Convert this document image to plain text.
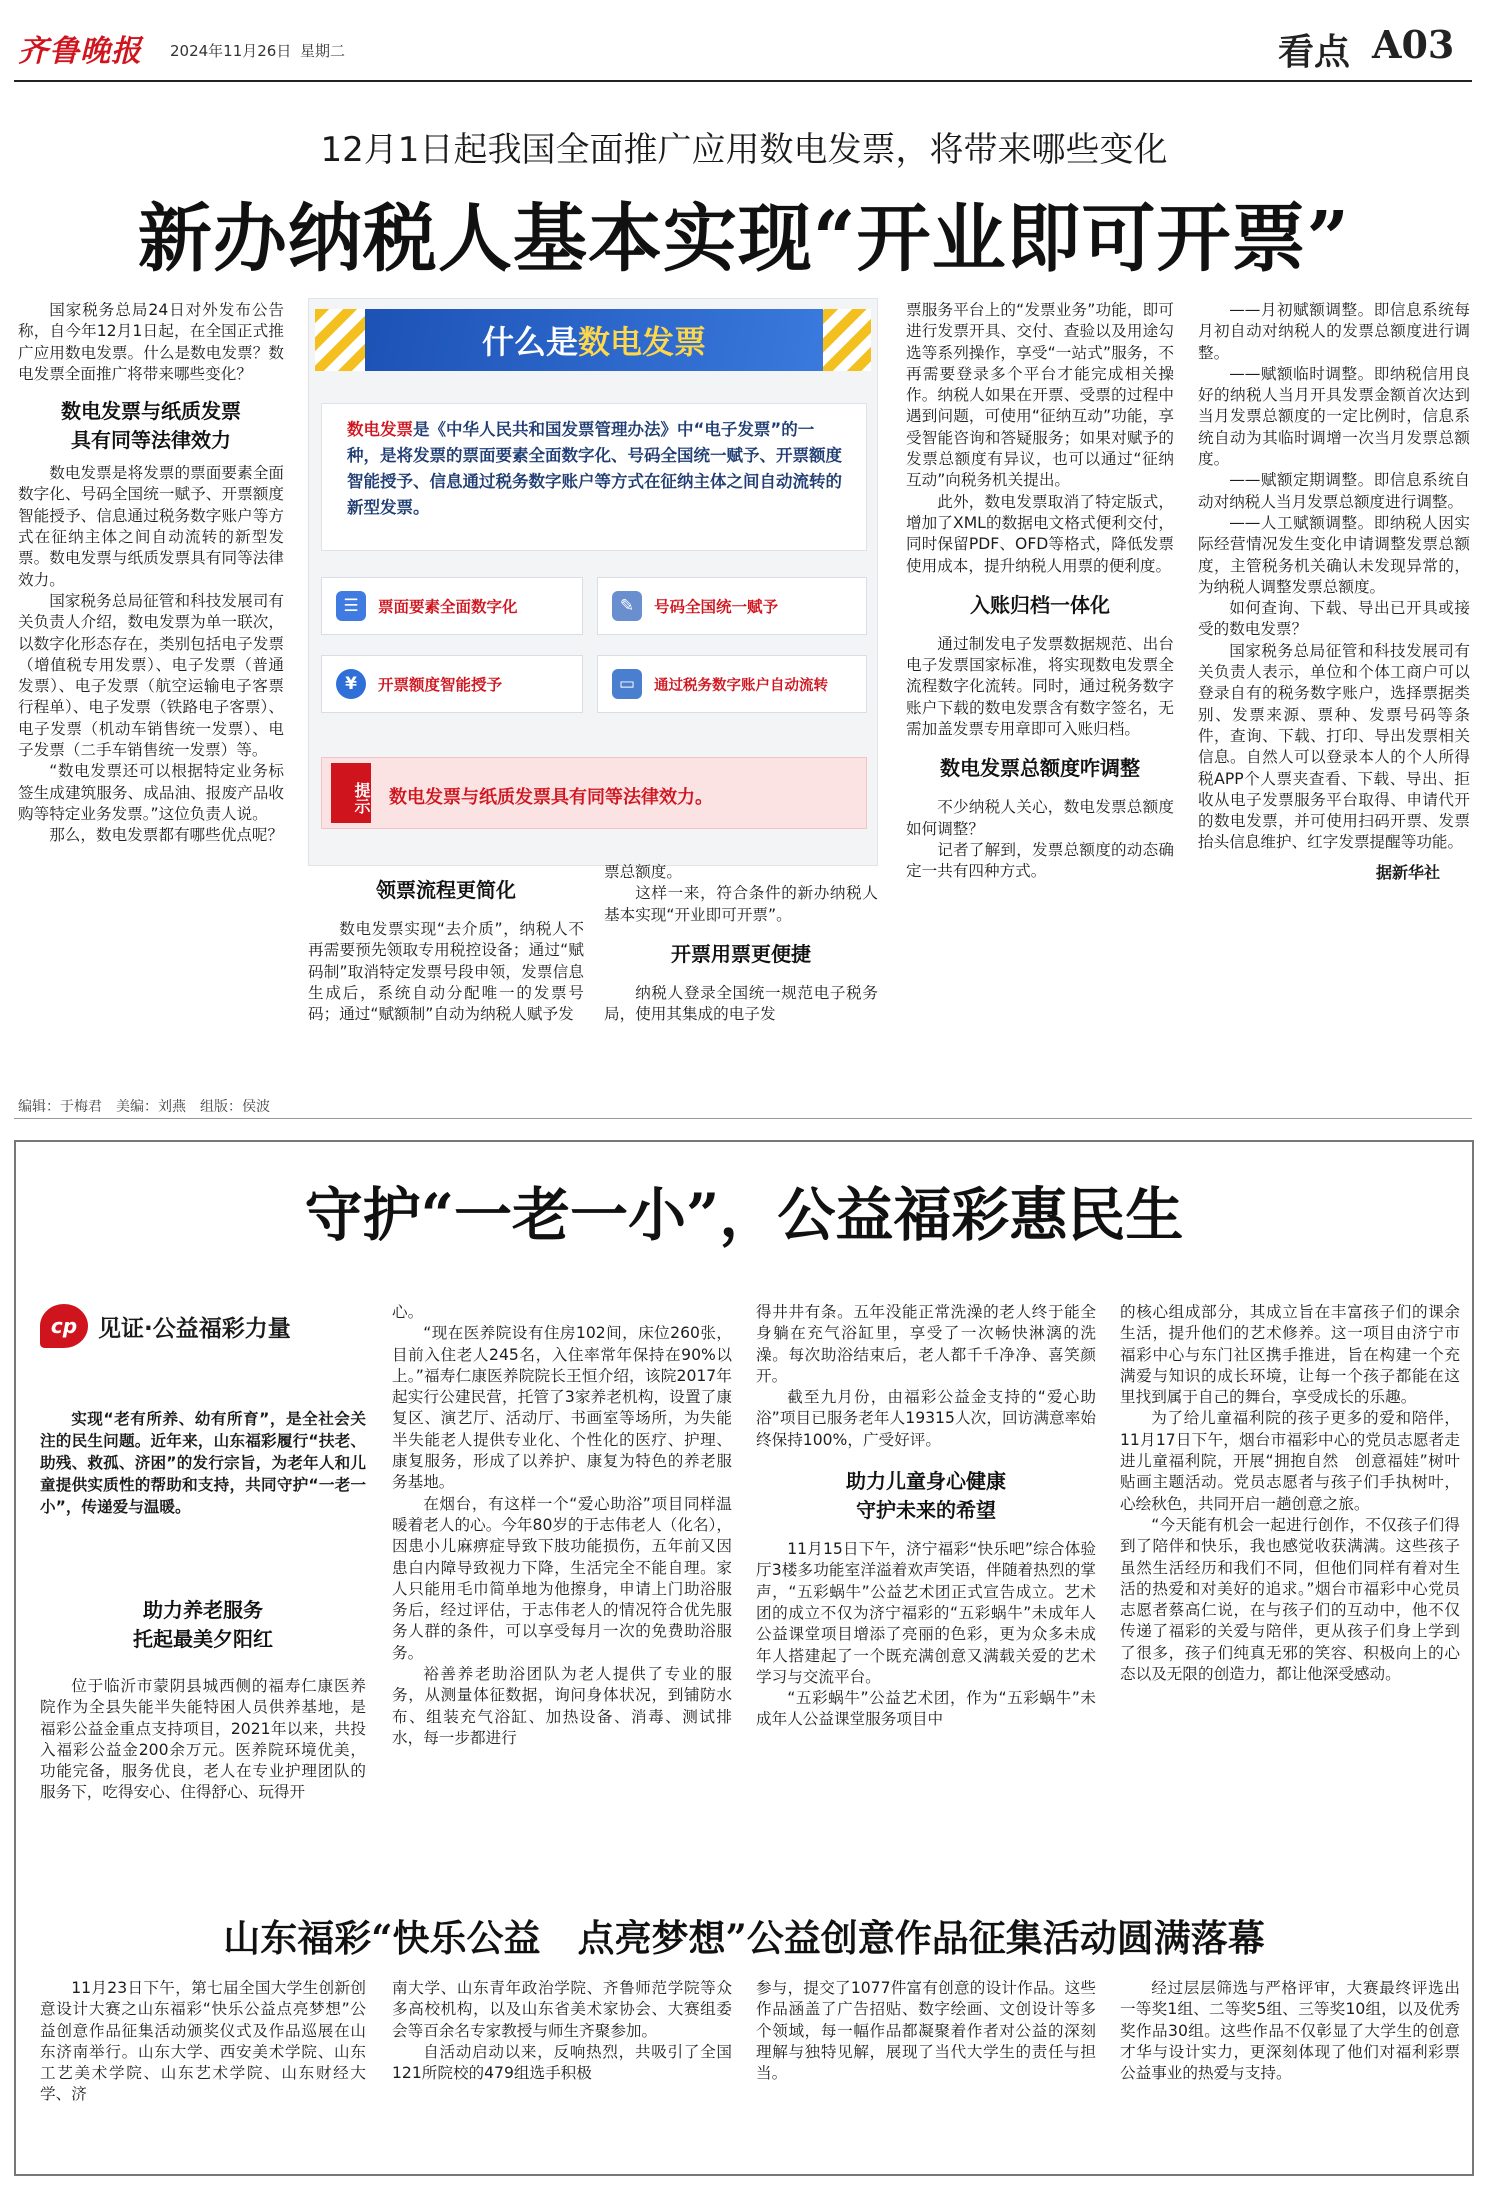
齐鲁晚报 2024年11月26日 星期二	看点 A03
12月1日起我国全面推广应用数电发票，将带来哪些变化
新办纳税人基本实现“开业即可开票”

国家税务总局24日对外发布公告称，自今年12月1日起，在全国正式推广应用数电发票。什么是数电发票？数电发票全面推广将带来哪些变化？

数电发票与纸质发票
具有同等法律效力

数电发票是将发票的票面要素全面数字化、号码全国统一赋予、开票额度智能授予、信息通过税务数字账户等方式在征纳主体之间自动流转的新型发票。数电发票与纸质发票具有同等法律效力。

国家税务总局征管和科技发展司有关负责人介绍，数电发票为单一联次，以数字化形态存在，类别包括电子发票（增值税专用发票）、电子发票（普通发票）、电子发票（航空运输电子客票行程单）、电子发票（铁路电子客票）、电子发票（机动车销售统一发票）、电子发票（二手车销售统一发票）等。

“数电发票还可以根据特定业务标签生成建筑服务、成品油、报废产品收购等特定业务发票。”这位负责人说。

那么，数电发票都有哪些优点呢？

什么是 数电发票
数电发票是《中华人民共和国发票管理办法》中“电子发票”的一种，是将发票的票面要素全面数字化、号码全国统一赋予、开票额度智能授予、信息通过税务数字账户等方式在征纳主体之间自动流转的新型发票。
☰	票面要素全面数字化	✎	号码全国统一赋予
¥	开票额度智能授予	▭	通过税务数字账户自动流转
提示 数电发票与纸质发票具有同等法律效力。
领票流程更简化

数电发票实现“去介质”，纳税人不再需要预先领取专用税控设备；通过“赋码制”取消特定发票号段申领，发票信息生成后，系统自动分配唯一的发票号码；通过“赋额制”自动为纳税人赋予发

票总额度。

这样一来，符合条件的新办纳税人基本实现“开业即可开票”。

开票用票更便捷

纳税人登录全国统一规范电子税务局，使用其集成的电子发

票服务平台上的“发票业务”功能，即可进行发票开具、交付、查验以及用途勾选等系列操作，享受“一站式”服务，不再需要登录多个平台才能完成相关操作。纳税人如果在开票、受票的过程中遇到问题，可使用“征纳互动”功能，享受智能咨询和答疑服务；如果对赋予的发票总额度有异议，也可以通过“征纳互动”向税务机关提出。

此外，数电发票取消了特定版式，增加了XML的数据电文格式便利交付，同时保留PDF、OFD等格式，降低发票使用成本，提升纳税人用票的便利度。

入账归档一体化

通过制发电子发票数据规范、出台电子发票国家标准，将实现数电发票全流程数字化流转。同时，通过税务数字账户下载的数电发票含有数字签名，无需加盖发票专用章即可入账归档。

数电发票总额度咋调整

不少纳税人关心，数电发票总额度如何调整？

记者了解到，发票总额度的动态确定一共有四种方式。

——月初赋额调整。即信息系统每月初自动对纳税人的发票总额度进行调整。

——赋额临时调整。即纳税信用良好的纳税人当月开具发票金额首次达到当月发票总额度的一定比例时，信息系统自动为其临时调增一次当月发票总额度。

——赋额定期调整。即信息系统自动对纳税人当月发票总额度进行调整。

——人工赋额调整。即纳税人因实际经营情况发生变化申请调整发票总额度，主管税务机关确认未发现异常的，为纳税人调整发票总额度。

如何查询、下载、导出已开具或接受的数电发票？

国家税务总局征管和科技发展司有关负责人表示，单位和个体工商户可以登录自有的税务数字账户，选择票据类别、发票来源、票种、发票号码等条件，查询、下载、打印、导出发票相关信息。自然人可以登录本人的个人所得税APP个人票夹查看、下载、导出、拒收从电子发票服务平台取得、申请代开的数电发票，并可使用扫码开票、发票抬头信息维护、红字发票提醒等功能。

据新华社
编辑：于梅君　美编：刘燕　组版：侯波
守护“一老一小”，公益福彩惠民生
cp 见证·公益福彩力量
实现“老有所养、幼有所育”，是全社会关注的民生问题。近年来，山东福彩履行“扶老、助残、救孤、济困”的发行宗旨，为老年人和儿童提供实质性的帮助和支持，共同守护“一老一小”，传递爱与温暖。
助力养老服务
托起最美夕阳红

位于临沂市蒙阴县城西侧的福寿仁康医养院作为全县失能半失能特困人员供养基地，是福彩公益金重点支持项目，2021年以来，共投入福彩公益金200余万元。医养院环境优美，功能完备，服务优良，老人在专业护理团队的服务下，吃得安心、住得舒心、玩得开

心。

“现在医养院设有住房102间，床位260张，目前入住老人245名，入住率常年保持在90%以上。”福寿仁康医养院院长王恒介绍，该院2017年起实行公建民营，托管了3家养老机构，设置了康复区、演艺厅、活动厅、书画室等场所，为失能半失能老人提供专业化、个性化的医疗、护理、康复服务，形成了以养护、康复为特色的养老服务基地。

在烟台，有这样一个“爱心助浴”项目同样温暖着老人的心。今年80岁的于志伟老人（化名），因患小儿麻痹症导致下肢功能损伤，五年前又因患白内障导致视力下降，生活完全不能自理。家人只能用毛巾简单地为他擦身，申请上门助浴服务后，经过评估，于志伟老人的情况符合优先服务人群的条件，可以享受每月一次的免费助浴服务。

裕善养老助浴团队为老人提供了专业的服务，从测量体征数据，询问身体状况，到铺防水布、组装充气浴缸、加热设备、消毒、测试排水，每一步都进行

得井井有条。五年没能正常洗澡的老人终于能全身躺在充气浴缸里，享受了一次畅快淋漓的洗澡。每次助浴结束后，老人都千千净净、喜笑颜开。

截至九月份，由福彩公益金支持的“爱心助浴”项目已服务老年人19315人次，回访满意率始终保持100%，广受好评。

助力儿童身心健康
守护未来的希望

11月15日下午，济宁福彩“快乐吧”综合体验厅3楼多功能室洋溢着欢声笑语，伴随着热烈的掌声，“五彩蜗牛”公益艺术团正式宣告成立。艺术团的成立不仅为济宁福彩的“五彩蜗牛”未成年人公益课堂项目增添了亮丽的色彩，更为众多未成年人搭建起了一个既充满创意又满载关爱的艺术学习与交流平台。

“五彩蜗牛”公益艺术团，作为“五彩蜗牛”未成年人公益课堂服务项目中

的核心组成部分，其成立旨在丰富孩子们的课余生活，提升他们的艺术修养。这一项目由济宁市福彩中心与东门社区携手推进，旨在构建一个充满爱与知识的成长环境，让每一个孩子都能在这里找到属于自己的舞台，享受成长的乐趣。

为了给儿童福利院的孩子更多的爱和陪伴，11月17日下午，烟台市福彩中心的党员志愿者走进儿童福利院，开展“拥抱自然　创意福娃”树叶贴画主题活动。党员志愿者与孩子们手执树叶，心绘秋色，共同开启一趟创意之旅。

“今天能有机会一起进行创作，不仅孩子们得到了陪伴和快乐，我也感觉收获满满。这些孩子虽然生活经历和我们不同，但他们同样有着对生活的热爱和对美好的追求。”烟台市福彩中心党员志愿者蔡高仁说，在与孩子们的互动中，他不仅传递了福彩的关爱与陪伴，更从孩子们身上学到了很多，孩子们纯真无邪的笑容、积极向上的心态以及无限的创造力，都让他深受感动。

山东福彩“快乐公益　点亮梦想”公益创意作品征集活动圆满落幕

11月23日下午，第七届全国大学生创新创意设计大赛之山东福彩“快乐公益点亮梦想”公益创意作品征集活动颁奖仪式及作品巡展在山东济南举行。山东大学、西安美术学院、山东工艺美术学院、山东艺术学院、山东财经大学、济

南大学、山东青年政治学院、齐鲁师范学院等众多高校机构，以及山东省美术家协会、大赛组委会等百余名专家教授与师生齐聚参加。

自活动启动以来，反响热烈，共吸引了全国121所院校的479组选手积极

参与，提交了1077件富有创意的设计作品。这些作品涵盖了广告招贴、数字绘画、文创设计等多个领域，每一幅作品都凝聚着作者对公益的深刻理解与独特见解，展现了当代大学生的责任与担当。

经过层层筛选与严格评审，大赛最终评选出一等奖1组、二等奖5组、三等奖10组，以及优秀奖作品30组。这些作品不仅彰显了大学生的创意才华与设计实力，更深刻体现了他们对福利彩票公益事业的热爱与支持。
